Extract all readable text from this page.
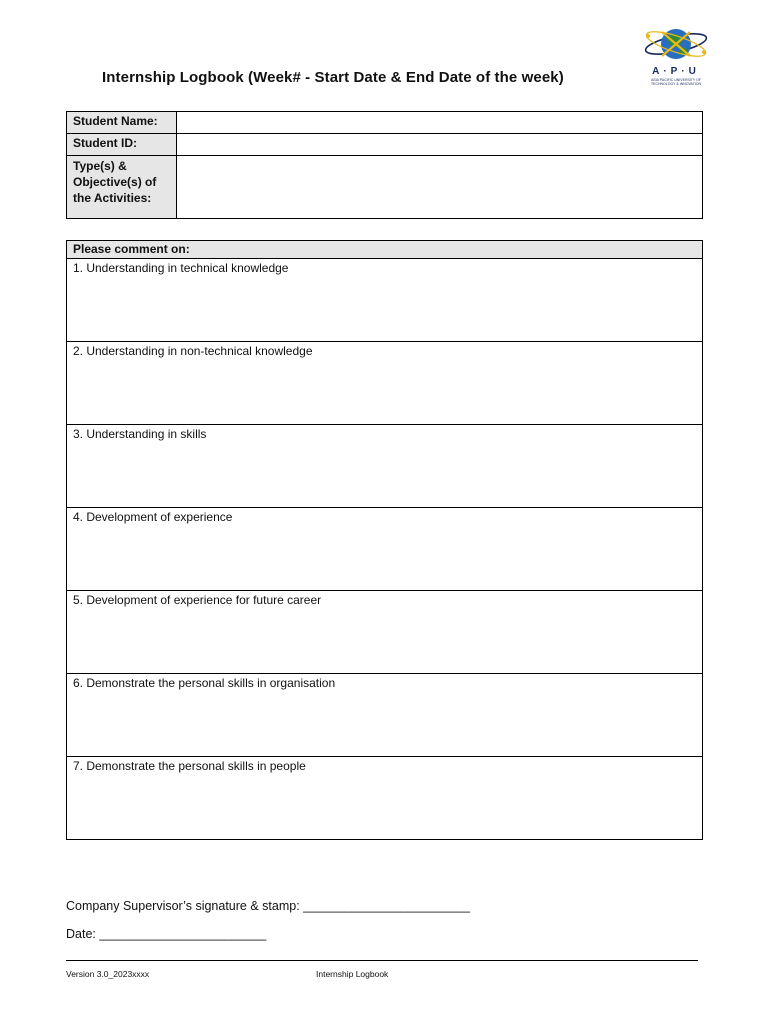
Internship Logbook (Week# - Start Date & End Date of the week)	A·P·U
ASIA PACIFIC UNIVERSITY OF TECHNOLOGY & INNOVATION
Student Name:	
Student ID:	
Type(s) & Objective(s) of the Activities:	
Please comment on:
1. Understanding in technical knowledge
2. Understanding in non-technical knowledge
3. Understanding in skills
4. Development of experience
5. Development of experience for future career
6. Demonstrate the personal skills in organisation
7. Demonstrate the personal skills in people
Company Supervisor’s signature & stamp: ________________________
Date: ________________________
Version 3.0_2023xxxx	Internship Logbook
